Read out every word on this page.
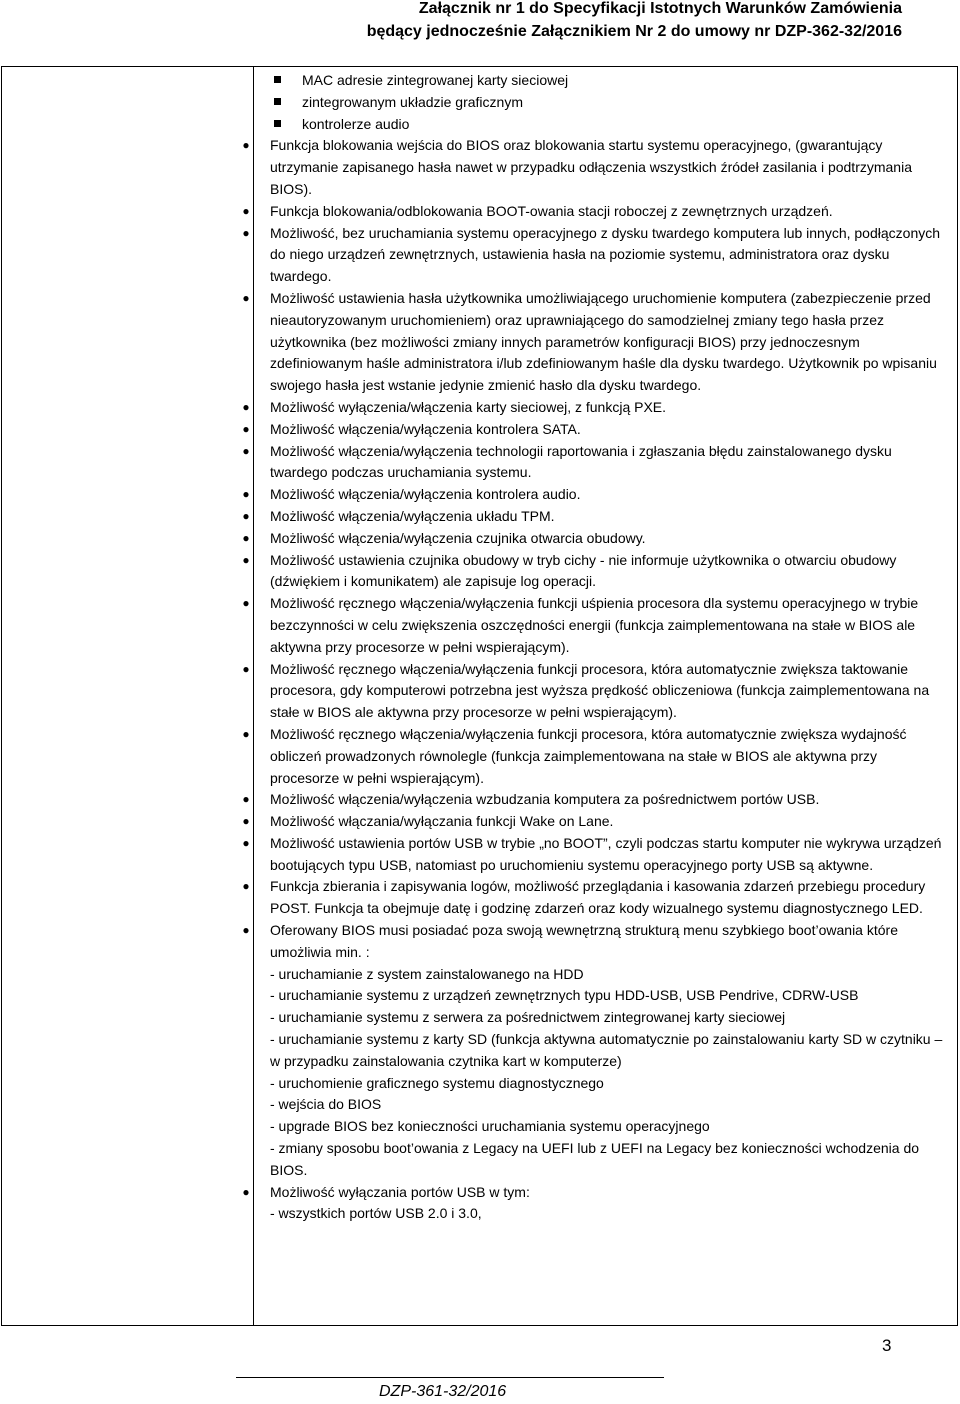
Załącznik nr 1 do Specyfikacji Istotnych Warunków Zamówienia
będący jednocześnie Załącznikiem Nr 2 do umowy nr DZP-362-32/2016
MAC adresie zintegrowanej karty sieciowej
zintegrowanym układzie graficznym
kontrolerze audio
● Funkcja blokowania wejścia do BIOS oraz blokowania startu systemu operacyjnego, (gwarantujący utrzymanie zapisanego hasła nawet w przypadku odłączenia wszystkich źródeł zasilania i podtrzymania BIOS).
● Funkcja blokowania/odblokowania BOOT-owania stacji roboczej z zewnętrznych urządzeń.
● Możliwość, bez uruchamiania systemu operacyjnego z dysku twardego komputera lub innych, podłączonych do niego urządzeń zewnętrznych, ustawienia hasła na poziomie systemu, administratora oraz dysku twardego.
● Możliwość ustawienia hasła użytkownika umożliwiającego uruchomienie komputera (zabezpieczenie przed nieautoryzowanym uruchomieniem) oraz uprawniającego do samodzielnej zmiany tego hasła przez użytkownika (bez możliwości zmiany innych parametrów konfiguracji BIOS) przy jednoczesnym zdefiniowanym haśle administratora i/lub zdefiniowanym haśle dla dysku twardego. Użytkownik po wpisaniu swojego hasła jest wstanie jedynie zmienić hasło dla dysku twardego.
● Możliwość wyłączenia/włączenia karty sieciowej, z funkcją PXE.
● Możliwość włączenia/wyłączenia kontrolera SATA.
● Możliwość włączenia/wyłączenia technologii raportowania i zgłaszania błędu zainstalowanego dysku twardego podczas uruchamiania systemu.
● Możliwość włączenia/wyłączenia kontrolera audio.
● Możliwość włączenia/wyłączenia układu TPM.
● Możliwość włączenia/wyłączenia czujnika otwarcia obudowy.
● Możliwość ustawienia czujnika obudowy w tryb cichy - nie informuje użytkownika o otwarciu obudowy (dźwiękiem i komunikatem) ale zapisuje log operacji.
● Możliwość ręcznego włączenia/wyłączenia funkcji uśpienia procesora dla systemu operacyjnego w trybie bezczynności w celu zwiększenia oszczędności energii (funkcja zaimplementowana na stałe w BIOS ale aktywna przy procesorze w pełni wspierającym).
● Możliwość ręcznego włączenia/wyłączenia funkcji procesora, która automatycznie zwiększa taktowanie procesora, gdy komputerowi potrzebna jest wyższa prędkość obliczeniowa (funkcja zaimplementowana na stałe w BIOS ale aktywna przy procesorze w pełni wspierającym).
● Możliwość ręcznego włączenia/wyłączenia funkcji procesora, która automatycznie zwiększa wydajność obliczeń prowadzonych równolegle (funkcja zaimplementowana na stałe w BIOS ale aktywna przy procesorze w pełni wspierającym).
● Możliwość włączenia/wyłączenia wzbudzania komputera za pośrednictwem portów USB.
● Możliwość włączania/wyłączania funkcji Wake on Lane.
● Możliwość ustawienia portów USB w trybie „no BOOT”, czyli podczas startu komputer nie wykrywa urządzeń bootujących typu USB, natomiast po uruchomieniu systemu operacyjnego porty USB są aktywne.
● Funkcja zbierania i zapisywania logów, możliwość przeglądania i kasowania zdarzeń przebiegu procedury POST. Funkcja ta obejmuje datę i godzinę zdarzeń oraz kody wizualnego systemu diagnostycznego LED.
● Oferowany BIOS musi posiadać poza swoją wewnętrzną strukturą menu szybkiego boot’owania które umożliwia min. :
- uruchamianie z system zainstalowanego na HDD
- uruchamianie systemu z urządzeń zewnętrznych typu HDD-USB, USB Pendrive, CDRW-USB
- uruchamianie systemu z serwera za pośrednictwem zintegrowanej karty sieciowej
- uruchamianie systemu z karty SD (funkcja aktywna automatycznie po zainstalowaniu karty SD w czytniku – w przypadku zainstalowania czytnika kart w komputerze)
- uruchomienie graficznego systemu diagnostycznego
- wejścia do BIOS
- upgrade BIOS bez konieczności uruchamiania systemu operacyjnego
- zmiany sposobu boot’owania z Legacy na UEFI lub z UEFI na Legacy bez konieczności wchodzenia do BIOS.
● Możliwość wyłączania portów USB w tym:
- wszystkich portów USB 2.0 i 3.0,
3
DZP-361-32/2016
